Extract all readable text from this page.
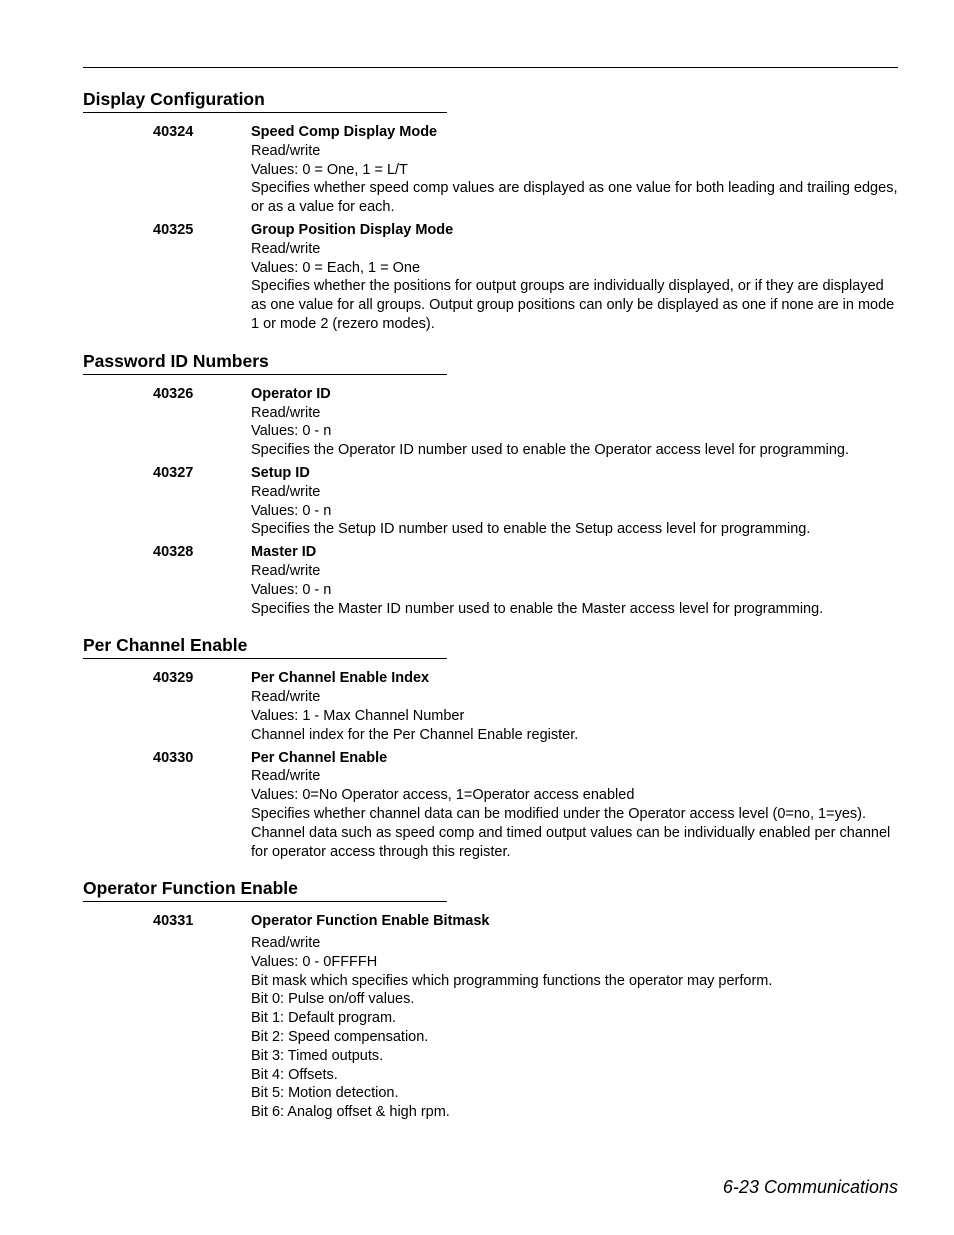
Display Configuration
40324	Speed Comp Display Mode
Read/write
Values: 0 = One, 1 = L/T
Specifies whether speed comp values are displayed as one value for both leading and trailing edges, or as a value for each.
40325	Group Position Display Mode
Read/write
Values: 0 = Each, 1 = One
Specifies whether the positions for output groups are individually displayed, or if they are displayed as one value for all groups. Output group positions can only be displayed as one if none are in mode 1 or mode 2 (rezero modes).
Password ID Numbers
40326	Operator ID
Read/write
Values: 0 - n
Specifies the Operator ID number used to enable the Operator access level for programming.
40327	Setup ID
Read/write
Values: 0 - n
Specifies the Setup ID number used to enable the Setup access level for programming.
40328	Master ID
Read/write
Values: 0 - n
Specifies the Master ID number used to enable the Master access level for programming.
Per Channel Enable
40329	Per Channel Enable Index
Read/write
Values: 1 - Max Channel Number
Channel index for the Per Channel Enable register.
40330	Per Channel Enable
Read/write
Values: 0=No Operator access, 1=Operator access enabled
Specifies whether channel data can be modified under the Operator access level (0=no, 1=yes).
Channel data such as speed comp and timed output values can be individually enabled per channel for operator access through this register.
Operator Function Enable
40331	Operator Function Enable Bitmask
Read/write
Values: 0 - 0FFFFH
Bit mask which specifies which programming functions the operator may perform.
Bit 0: Pulse on/off values.
Bit 1: Default program.
Bit 2: Speed compensation.
Bit 3: Timed outputs.
Bit 4: Offsets.
Bit 5: Motion detection.
Bit 6: Analog offset & high rpm.
6-23 Communications
